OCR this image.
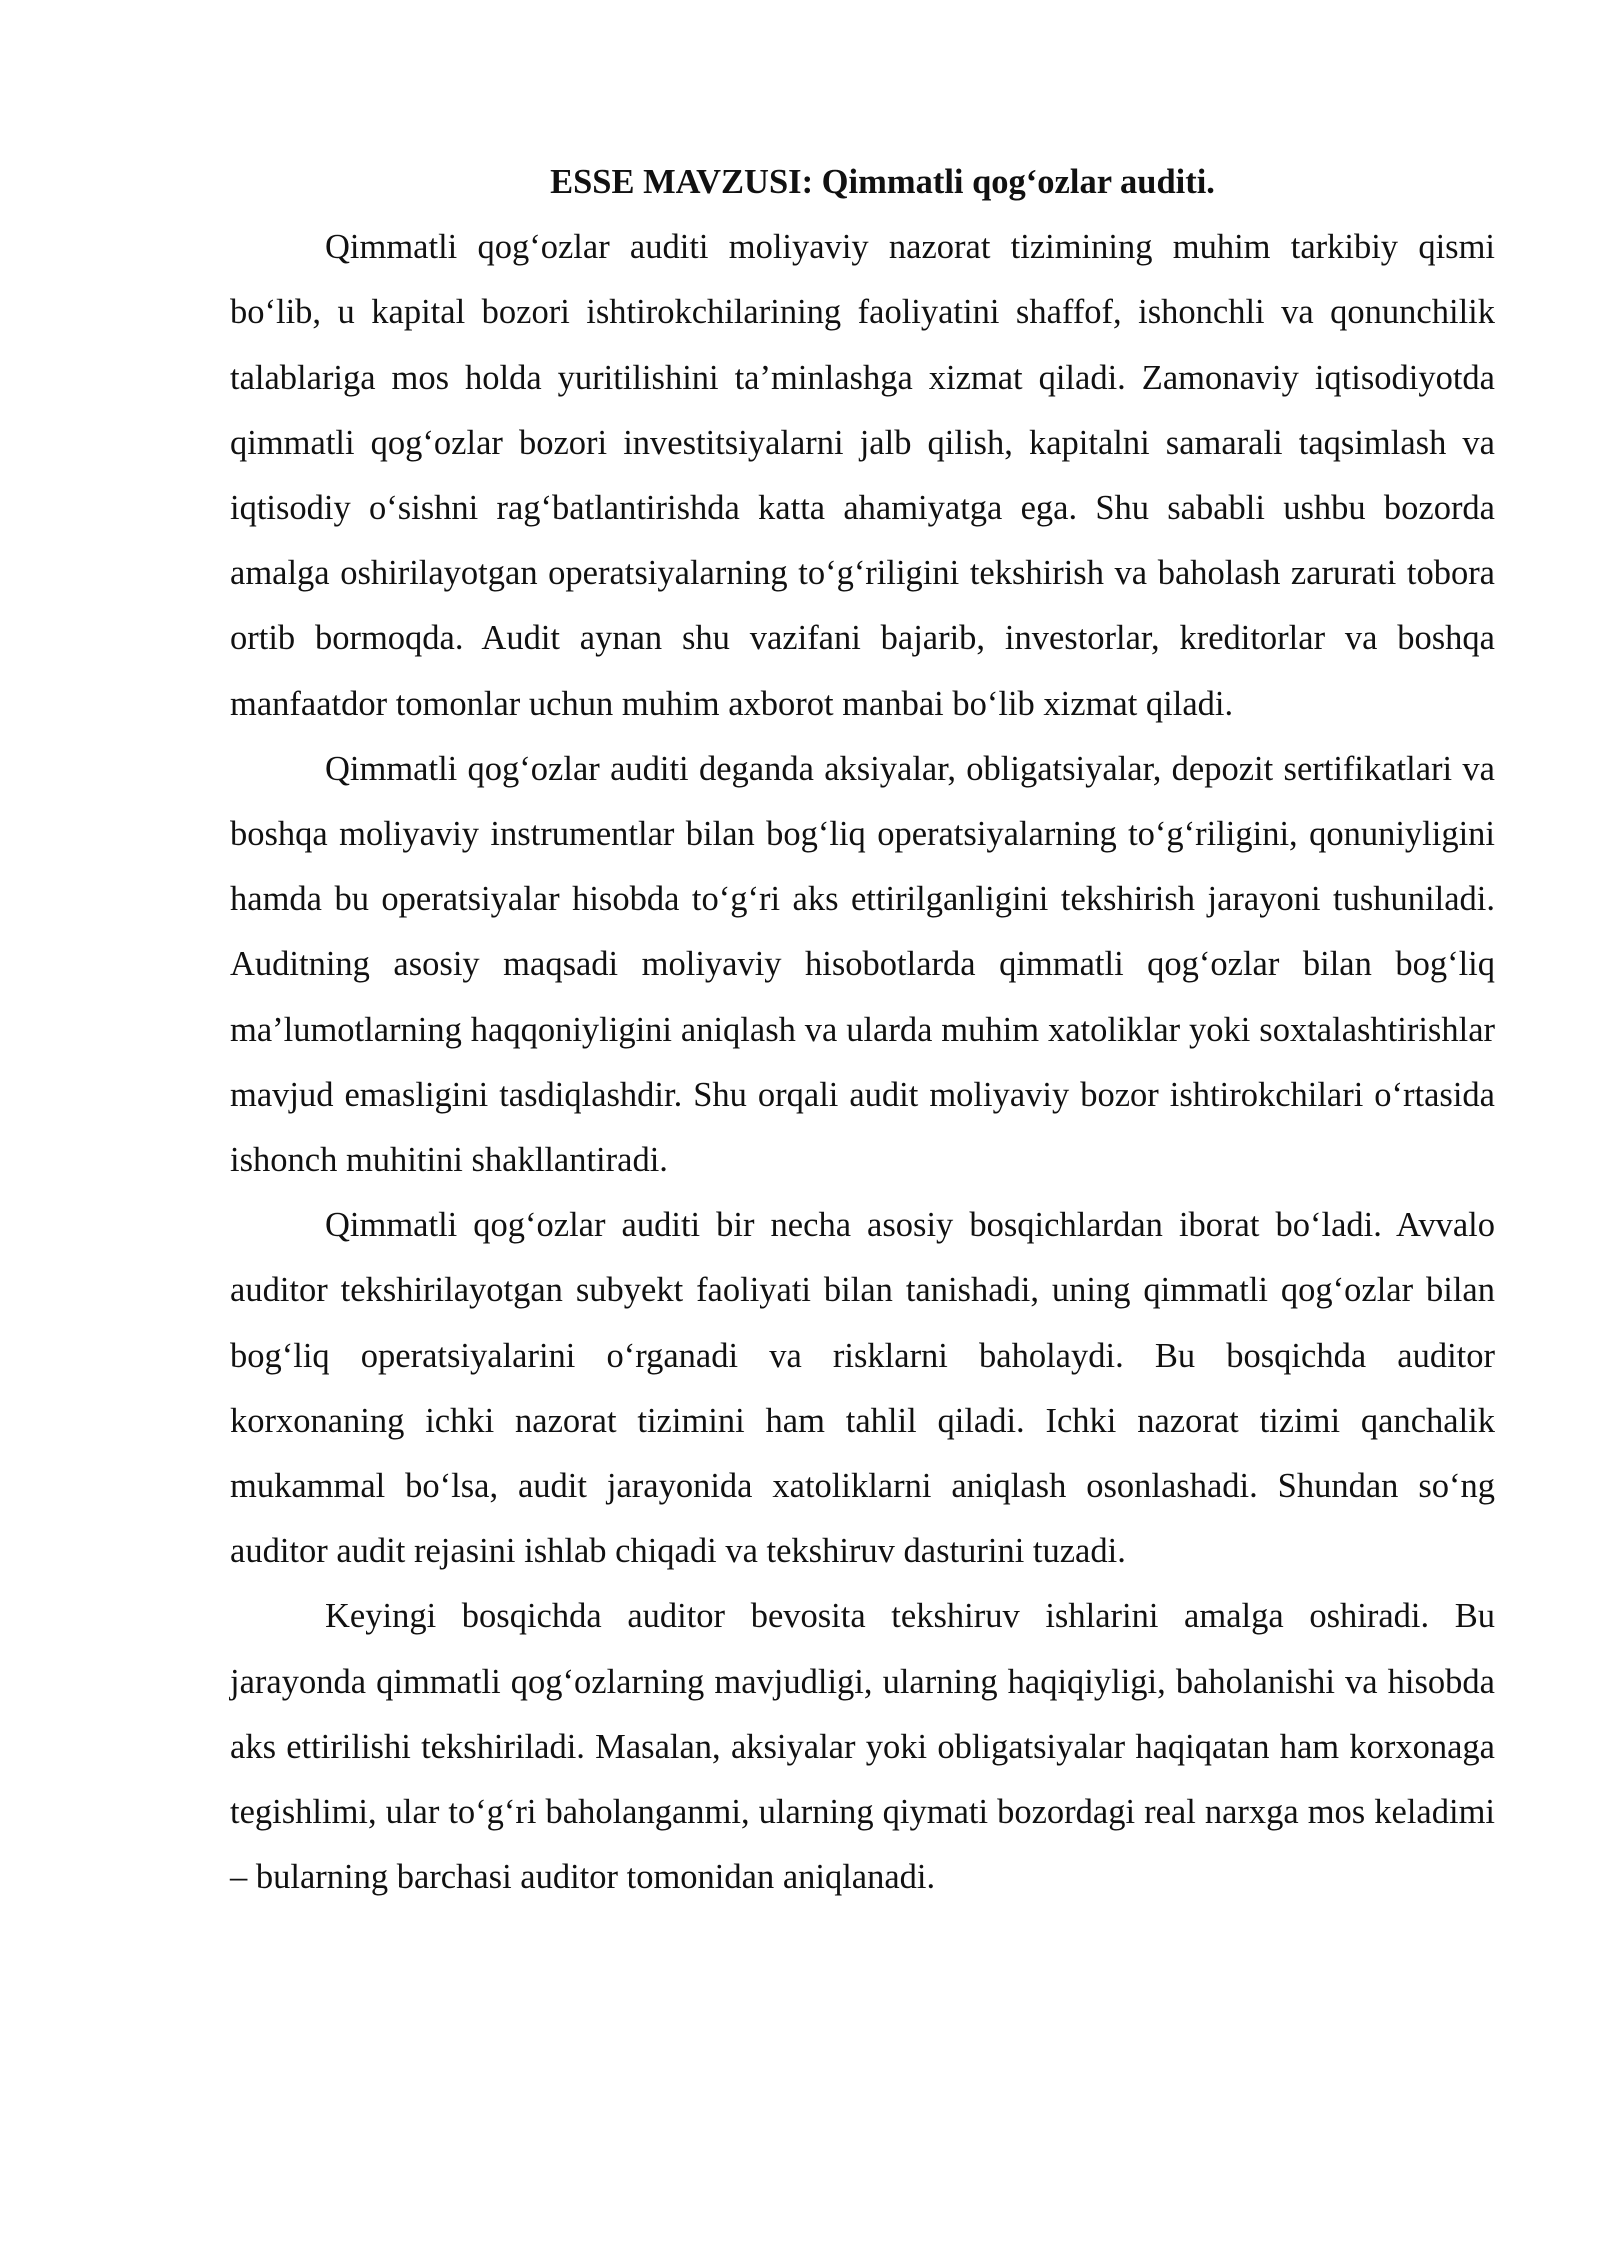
ESSE MAVZUSI: Qimmatli qog‘ozlar auditi.

Qimmatli qog‘ozlar auditi moliyaviy nazorat tizimining muhim tarkibiy qismi bo‘lib, u kapital bozori ishtirokchilarining faoliyatini shaffof, ishonchli va qonunchilik talablariga mos holda yuritilishini ta’minlashga xizmat qiladi. Zamonaviy iqtisodiyotda qimmatli qog‘ozlar bozori investitsiyalarni jalb qilish, kapitalni samarali taqsimlash va iqtisodiy o‘sishni rag‘batlantirishda katta ahamiyatga ega. Shu sababli ushbu bozorda amalga oshirilayotgan operatsiyalarning to‘g‘riligini tekshirish va baholash zarurati tobora ortib bormoqda. Audit aynan shu vazifani bajarib, investorlar, kreditorlar va boshqa manfaatdor tomonlar uchun muhim axborot manbai bo‘lib xizmat qiladi.

Qimmatli qog‘ozlar auditi deganda aksiyalar, obligatsiyalar, depozit sertifikatlari va boshqa moliyaviy instrumentlar bilan bog‘liq operatsiyalarning to‘g‘riligini, qonuniyligini hamda bu operatsiyalar hisobda to‘g‘ri aks ettirilganligini tekshirish jarayoni tushuniladi. Auditning asosiy maqsadi moliyaviy hisobotlarda qimmatli qog‘ozlar bilan bog‘liq ma’lumotlarning haqqoniyligini aniqlash va ularda muhim xatoliklar yoki soxtalashtirishlar mavjud emasligini tasdiqlashdir. Shu orqali audit moliyaviy bozor ishtirokchilari o‘rtasida ishonch muhitini shakllantiradi.

Qimmatli qog‘ozlar auditi bir necha asosiy bosqichlardan iborat bo‘ladi. Avvalo auditor tekshirilayotgan subyekt faoliyati bilan tanishadi, uning qimmatli qog‘ozlar bilan bog‘liq operatsiyalarini o‘rganadi va risklarni baholaydi. Bu bosqichda auditor korxonaning ichki nazorat tizimini ham tahlil qiladi. Ichki nazorat tizimi qanchalik mukammal bo‘lsa, audit jarayonida xatoliklarni aniqlash osonlashadi. Shundan so‘ng auditor audit rejasini ishlab chiqadi va tekshiruv dasturini tuzadi.

Keyingi bosqichda auditor bevosita tekshiruv ishlarini amalga oshiradi. Bu jarayonda qimmatli qog‘ozlarning mavjudligi, ularning haqiqiyligi, baholanishi va hisobda aks ettirilishi tekshiriladi. Masalan, aksiyalar yoki obligatsiyalar haqiqatan ham korxonaga tegishlimi, ular to‘g‘ri baholanganmi, ularning qiymati bozordagi real narxga mos keladimi – bularning barchasi auditor tomonidan aniqlanadi.
